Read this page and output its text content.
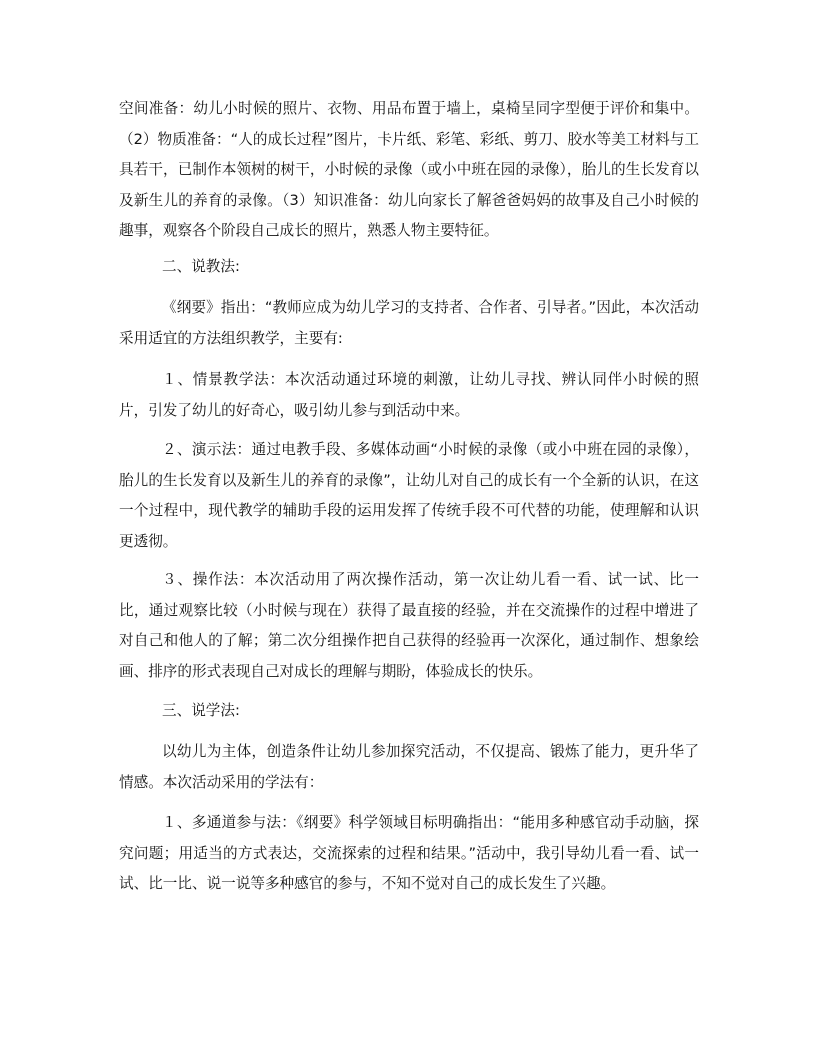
空间准备：幼儿小时候的照片、衣物、用品布置于墙上，桌椅呈同字型便于评价和集中。（2）物质准备：“人的成长过程”图片，卡片纸、彩笔、彩纸、剪刀、胶水等美工材料与工具若干，已制作本领树的树干，小时候的录像（或小中班在园的录像），胎儿的生长发育以及新生儿的养育的录像。（3）知识准备：幼儿向家长了解爸爸妈妈的故事及自己小时候的趣事，观察各个阶段自己成长的照片，熟悉人物主要特征。

二、说教法:

《纲要》指出：“教师应成为幼儿学习的支持者、合作者、引导者。”因此，本次活动采用适宜的方法组织教学，主要有:

１、情景教学法：本次活动通过环境的刺激，让幼儿寻找、辨认同伴小时候的照片，引发了幼儿的好奇心，吸引幼儿参与到活动中来。

２、演示法：通过电教手段、多媒体动画“小时候的录像（或小中班在园的录像），胎儿的生长发育以及新生儿的养育的录像”，让幼儿对自己的成长有一个全新的认识，在这一个过程中，现代教学的辅助手段的运用发挥了传统手段不可代替的功能，使理解和认识更透彻。

３、操作法：本次活动用了两次操作活动，第一次让幼儿看一看、试一试、比一比，通过观察比较（小时候与现在）获得了最直接的经验，并在交流操作的过程中增进了对自己和他人的了解；第二次分组操作把自己获得的经验再一次深化，通过制作、想象绘画、排序的形式表现自己对成长的理解与期盼，体验成长的快乐。

三、说学法:

以幼儿为主体，创造条件让幼儿参加探究活动，不仅提高、锻炼了能力，更升华了情感。本次活动采用的学法有：

１、多通道参与法：《纲要》科学领域目标明确指出：“能用多种感官动手动脑，探究问题；用适当的方式表达，交流探索的过程和结果。”活动中，我引导幼儿看一看、试一试、比一比、说一说等多种感官的参与，不知不觉对自己的成长发生了兴趣。
